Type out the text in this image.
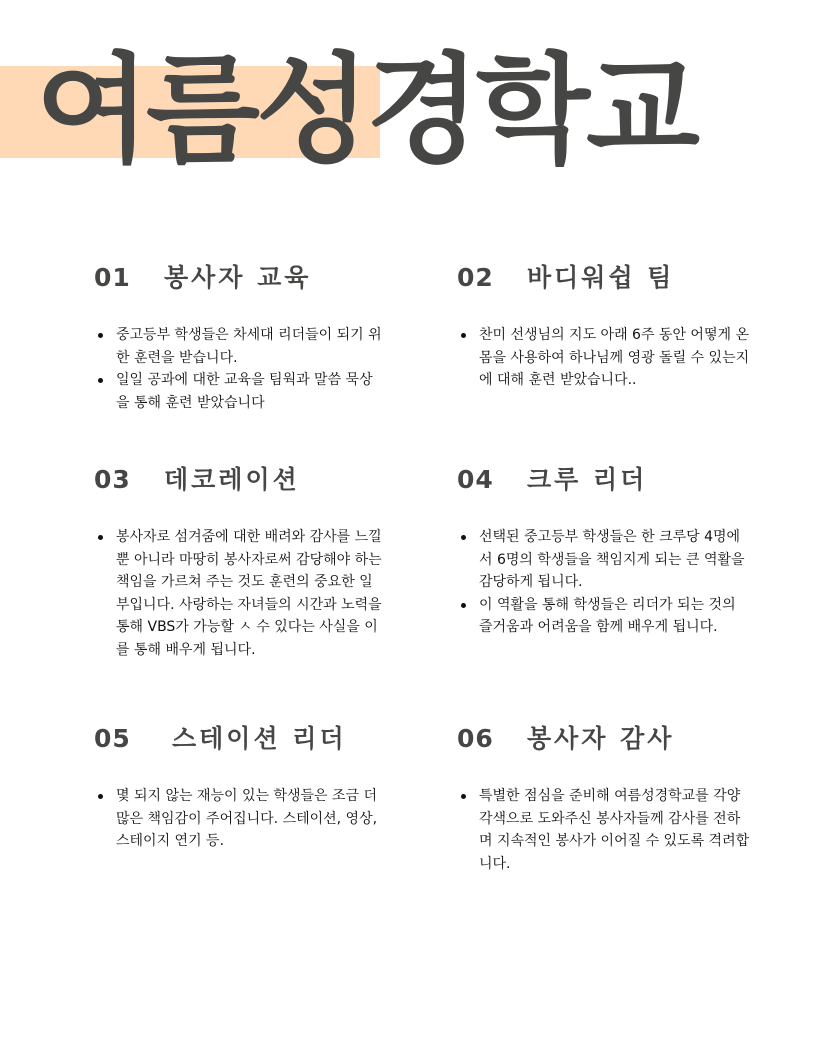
여름성경학교
01	봉사자 교육
중고등부 학생들은 차세대 리더들이 되기 위한 훈련을 받습니다.
일일 공과에 대한 교육을 팀웍과 말씀 묵상을 통해 훈련 받았습니다
02	바디워쉽 팀
찬미 선생님의 지도 아래 6주 동안 어떻게 온 몸을 사용하여 하나님께 영광 돌릴 수 있는지에 대해 훈련 받았습니다..
03	데코레이션
봉사자로 섬겨줌에 대한 배려와 감사를 느낄뿐 아니라 마땅히 봉사자로써 감당해야 하는 책임을 가르쳐 주는 것도 훈련의 중요한 일부입니다. 사랑하는 자녀들의 시간과 노력을 통해 VBS가 가능할 ㅅ 수 있다는 사실을 이를 통해 배우게 됩니다.
04	크루 리더
선택된 중고등부 학생들은 한 크루당 4명에서 6명의 학생들을 책임지게 되는 큰 역활을 감당하게 됩니다.
이 역활을 통해 학생들은 리더가 되는 것의 즐거움과 어려움을 함께 배우게 됩니다.
05	스테이션 리더
몇 되지 않는 재능이 있는 학생들은 조금 더 많은 책임감이 주어집니다. 스테이션, 영상, 스테이지 연기 등.
06	봉사자 감사
특별한 점심을 준비해 여름성경학교를 각양각색으로 도와주신 봉사자들께 감사를 전하며 지속적인 봉사가 이어질 수 있도록 격려합니다.
